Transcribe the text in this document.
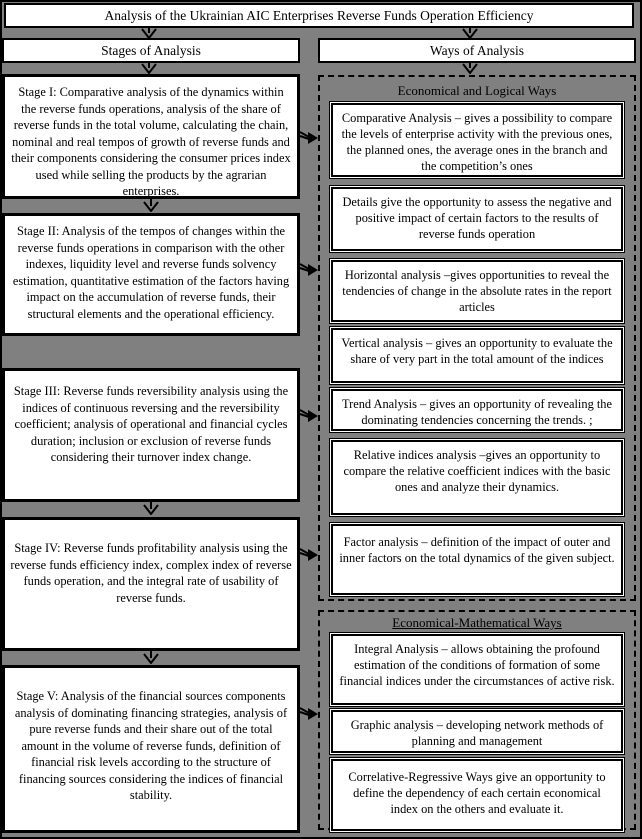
Analysis of the Ukrainian AIC Enterprises Reverse Funds Operation Efficiency
Stages of Analysis	Ways of Analysis
Stage I: Comparative analysis of the dynamics within the reverse funds operations, analysis of the share of reverse funds in the total volume, calculating the chain, nominal and real tempos of growth of reverse funds and their components considering the consumer prices index used while selling the products by the agrarian enterprises.
Stage II: Analysis of the tempos of changes within the reverse funds operations in comparison with the other indexes, liquidity level and reverse funds solvency estimation, quantitative estimation of the factors having impact on the accumulation of reverse funds, their structural elements and the operational efficiency.
Stage III: Reverse funds reversibility analysis using the indices of continuous reversing and the reversibility coefficient; analysis of operational and financial cycles duration; inclusion or exclusion of reverse funds considering their turnover index change.
Stage IV: Reverse funds profitability analysis using the reverse funds efficiency index, complex index of reverse funds operation, and the integral rate of usability of reverse funds.
Stage V: Analysis of the financial sources components analysis of dominating financing strategies, analysis of pure reverse funds and their share out of the total amount in the volume of reverse funds, definition of financial risk levels according to the structure of financing sources considering the indices of financial stability.
Economical and Logical Ways
Comparative Analysis – gives a possibility to compare the levels of enterprise activity with the previous ones, the planned ones, the average ones in the branch and the competition’s ones
Details give the opportunity to assess the negative and positive impact of certain factors to the results of reverse funds operation
Horizontal analysis –gives opportunities to reveal the tendencies of change in the absolute rates in the report articles
Vertical analysis – gives an opportunity to evaluate the share of very part in the total amount of the indices
Trend Analysis – gives an opportunity of revealing the dominating tendencies concerning the trends. ;
Relative indices analysis –gives an opportunity to compare the relative coefficient indices with the basic ones and analyze their dynamics.
Factor analysis – definition of the impact of outer and inner factors on the total dynamics of the given subject.
Economical-Mathematical Ways
Integral Analysis – allows obtaining the profound estimation of the conditions of formation of some financial indices under the circumstances of active risk.
Graphic analysis – developing network methods of planning and management
Correlative-Regressive Ways give an opportunity to define the dependency of each certain economical index on the others and evaluate it.
